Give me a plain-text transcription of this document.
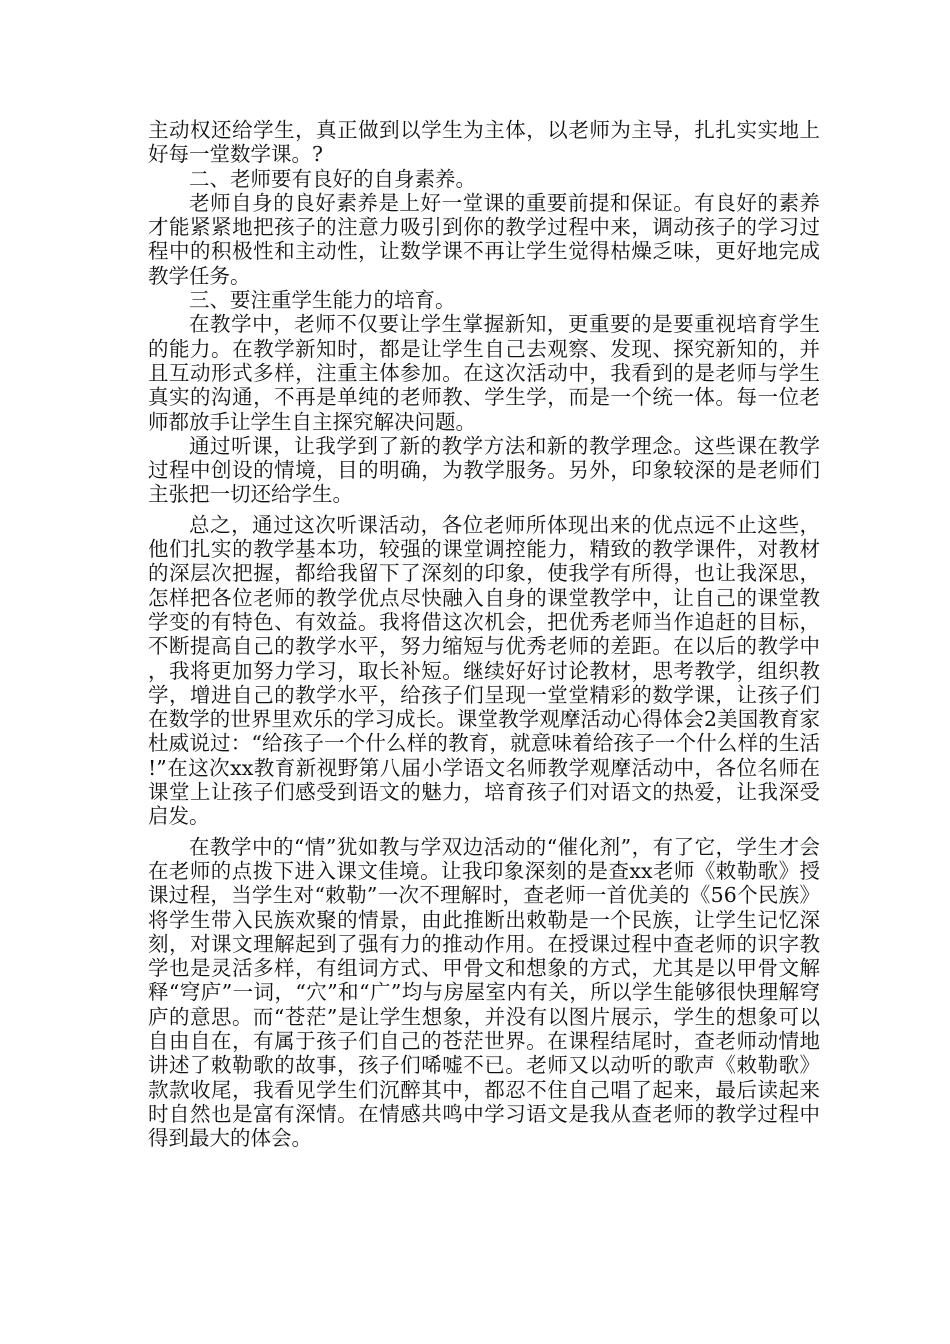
主动权还给学生，真正做到以学生为主体，以老师为主导，扎扎实实地上好每一堂数学课。?

二、老师要有良好的自身素养。

老师自身的良好素养是上好一堂课的重要前提和保证。有良好的素养才能紧紧地把孩子的注意力吸引到你的教学过程中来，调动孩子的学习过程中的积极性和主动性，让数学课不再让学生觉得枯燥乏味，更好地完成教学任务。

三、要注重学生能力的培育。

在教学中，老师不仅要让学生掌握新知，更重要的是要重视培育学生的能力。在教学新知时，都是让学生自己去观察、发现、探究新知的，并且互动形式多样，注重主体参加。在这次活动中，我看到的是老师与学生真实的沟通，不再是单纯的老师教、学生学，而是一个统一体。每一位老师都放手让学生自主探究解决问题。

通过听课，让我学到了新的教学方法和新的教学理念。这些课在教学过程中创设的情境，目的明确，为教学服务。另外，印象较深的是老师们主张把一切还给学生。

总之，通过这次听课活动，各位老师所体现出来的优点远不止这些，他们扎实的教学基本功，较强的课堂调控能力，精致的教学课件，对教材的深层次把握，都给我留下了深刻的印象，使我学有所得，也让我深思，怎样把各位老师的教学优点尽快融入自身的课堂教学中，让自己的课堂教学变的有特色、有效益。我将借这次机会，把优秀老师当作追赶的目标，不断提高自己的教学水平，努力缩短与优秀老师的差距。在以后的教学中，我将更加努力学习，取长补短。继续好好讨论教材，思考教学，组织教学，增进自己的教学水平，给孩子们呈现一堂堂精彩的数学课，让孩子们在数学的世界里欢乐的学习成长。课堂教学观摩活动心得体会2美国教育家杜威说过：“给孩子一个什么样的教育，就意味着给孩子一个什么样的生活!”在这次xx教育新视野第八届小学语文名师教学观摩活动中，各位名师在课堂上让孩子们感受到语文的魅力，培育孩子们对语文的热爱，让我深受启发。

在教学中的“情”犹如教与学双边活动的“催化剂”，有了它，学生才会在老师的点拨下进入课文佳境。让我印象深刻的是查xx老师《敕勒歌》授课过程，当学生对“敕勒”一次不理解时，查老师一首优美的《56个民族》将学生带入民族欢聚的情景，由此推断出敕勒是一个民族，让学生记忆深刻，对课文理解起到了强有力的推动作用。在授课过程中查老师的识字教学也是灵活多样，有组词方式、甲骨文和想象的方式，尤其是以甲骨文解释“穹庐”一词，“穴”和“广”均与房屋室内有关，所以学生能够很快理解穹庐的意思。而“苍茫”是让学生想象，并没有以图片展示，学生的想象可以自由自在，有属于孩子们自己的苍茫世界。在课程结尾时，查老师动情地讲述了敕勒歌的故事，孩子们唏嘘不已。老师又以动听的歌声《敕勒歌》款款收尾，我看见学生们沉醉其中，都忍不住自己唱了起来，最后读起来时自然也是富有深情。在情感共鸣中学习语文是我从查老师的教学过程中得到最大的体会。
